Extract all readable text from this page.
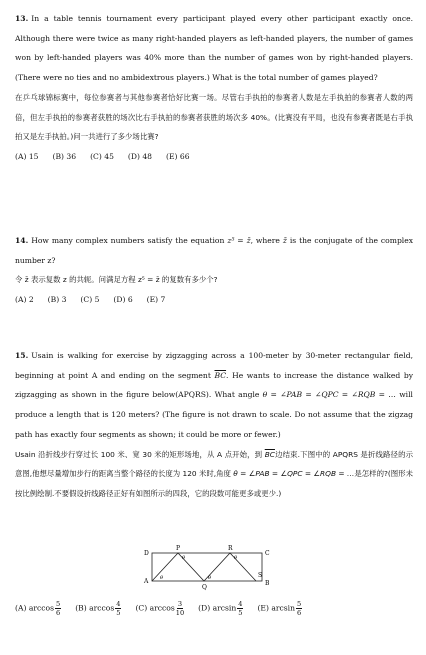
13. In a table tennis tournament every participant played every other participant exactly once. Although there were twice as many right-handed players as left-handed players, the number of games won by left-handed players was 40% more than the number of games won by right-handed players. (There were no ties and no ambidextrous players.) What is the total number of games played?
在乒乓球锦标赛中，每位参赛者与其他参赛者恰好比赛一场。尽管右手执拍的参赛者人数是左手执拍的参赛者人数的两倍，但左手执拍的参赛者获胜的场次比右手执拍的参赛者获胜的场次多 40%。(比赛没有平局，也没有参赛者既是右手执拍又是左手执拍。)问一共进行了多少场比赛?
(A) 15 (B) 36 (C) 45 (D) 48 (E) 66
14. How many complex numbers satisfy the equation z⁵ = z̄, where z̄ is the conjugate of the complex number z?
令 z̄ 表示复数 z 的共轭。问满足方程 z⁵ = z̄ 的复数有多少个?
(A) 2 (B) 3 (C) 5 (D) 6 (E) 7
15. Usain is walking for exercise by zigzagging across a 100-meter by 30-meter rectangular field, beginning at point A and ending on the segment $\overline{BC}$. He wants to increase the distance walked by zigzagging as shown in the figure below(APQRS). What angle θ = ∠PAB = ∠QPC = ∠RQB = … will produce a length that is 120 meters? (The figure is not drawn to scale. Do not assume that the zigzag path has exactly four segments as shown; it could be more or fewer.)
Usain 沿折线步行穿过长 100 米、宽 30 米的矩形场地，从 A 点开始，到 $\overline{BC}$边结束.下图中的 APQRS 是折线路径的示意图,他想尽量增加步行的距离当整个路径的长度为 120 米时,角度 θ = ∠PAB = ∠QPC = ∠RQB = …是怎样的?(图形未按比例绘制.不要假设折线路径正好有如图所示的四段，它的段数可能更多或更少.)
D
P	R
C
A
Q
S
B
θ
θ
θ
θ
(A) $\arccos \frac{5}{6} (B)$ $\arccos \frac{4}{5} (C)$ $\arccos \frac{3}{10} (D)$ $\arcsin \frac{4}{5} (E)$ $\arcsin \frac{5}{6}$
